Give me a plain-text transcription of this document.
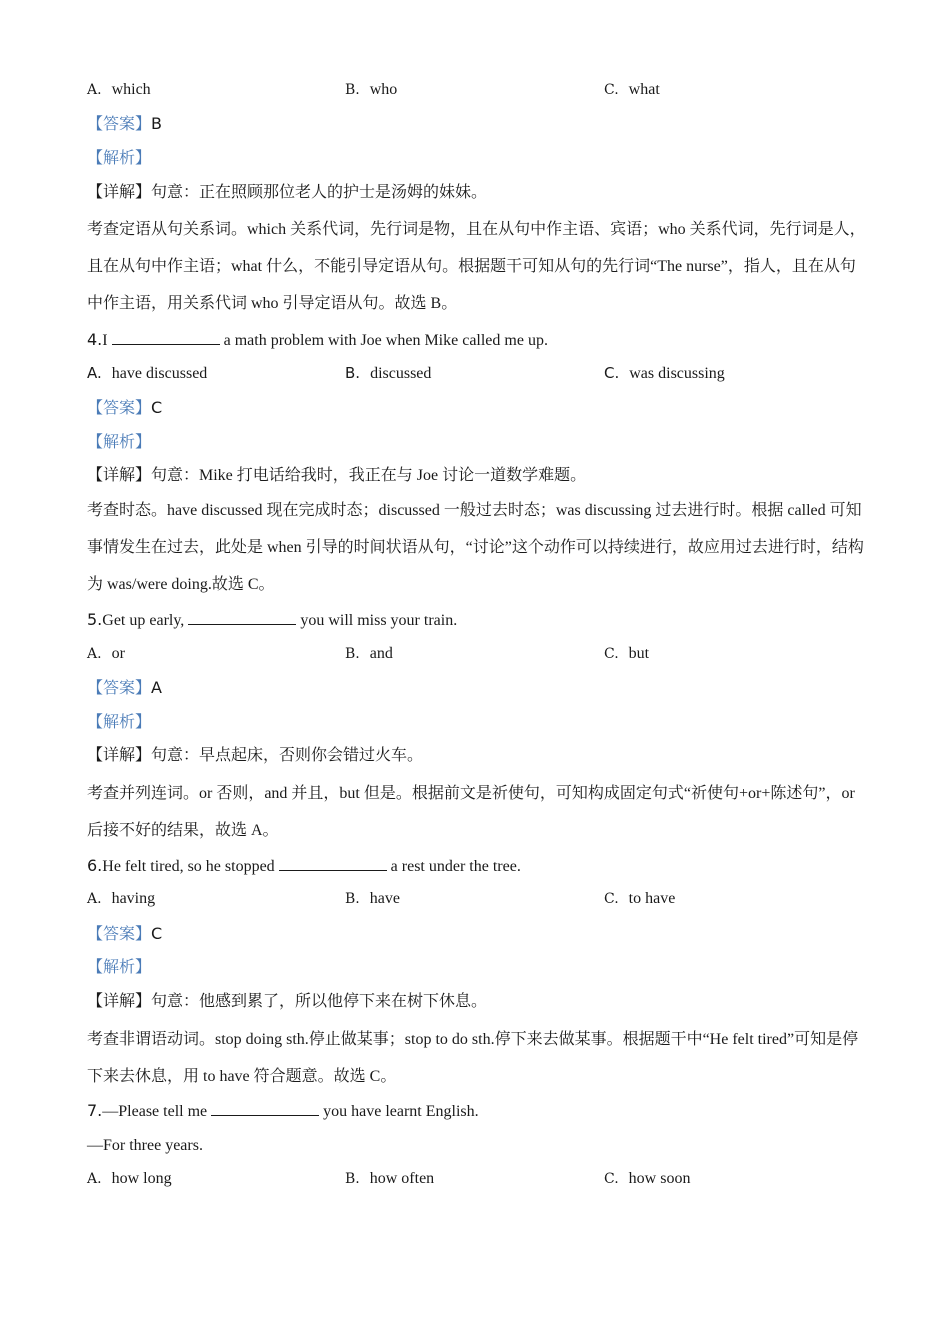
A. which	B. who	C. what
【答案】B
【解析】
【详解】句意：正在照顾那位老人的护士是汤姆的妹妹。
考查定语从句关系词。which 关系代词，先行词是物，且在从句中作主语、宾语；who 关系代词，先行词是人，且在从句中作主语；what 什么，不能引导定语从句。根据题干可知从句的先行词“The nurse”，指人，且在从句中作主语，用关系代词 who 引导定语从句。故选 B。
4.I	a math problem with Joe when Mike called me up.
A. have discussed	B. discussed	C. was discussing
【答案】C
【解析】
【详解】句意：Mike 打电话给我时，我正在与 Joe 讨论一道数学难题。
考查时态。have discussed 现在完成时态；discussed 一般过去时态；was discussing 过去进行时。根据 called 可知事情发生在过去，此处是 when 引导的时间状语从句，“讨论”这个动作可以持续进行，故应用过去进行时，结构为 was/were doing.故选 C。
5.Get up early,	you will miss your train.
A. or	B. and	C. but
【答案】A
【解析】
【详解】句意：早点起床，否则你会错过火车。
考查并列连词。or 否则，and 并且，but 但是。根据前文是祈使句，可知构成固定句式“祈使句+or+陈述句”，or 后接不好的结果，故选 A。
6.He felt tired, so he stopped	a rest under the tree.
A. having	B. have	C. to have
【答案】C
【解析】
【详解】句意：他感到累了，所以他停下来在树下休息。
考查非谓语动词。stop doing sth.停止做某事；stop to do sth.停下来去做某事。根据题干中“He felt tired”可知是停下来去休息，用 to have 符合题意。故选 C。
7.—Please tell me	you have learnt English.
—For three years.
A. how long	B. how often	C. how soon
